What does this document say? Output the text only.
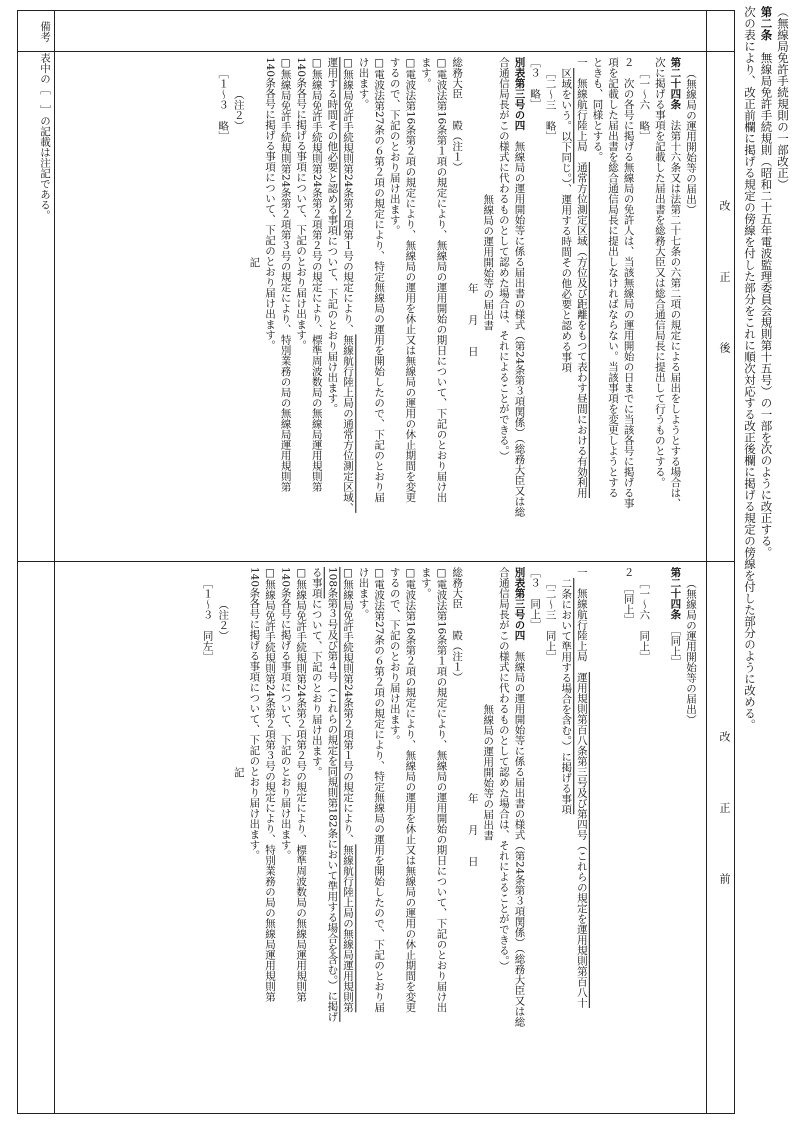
（無線局免許手続規則の一部改正）
第二条　無線局免許手続規則（昭和二十五年電波監理委員会規則第十五号）の一部を次のように改正する。
次の表により、改正前欄に掲げる規定の傍線を付した部分をこれに順次対応する改正後欄に掲げる規定の傍線を付した部分のように改める。
改正後
改正前
（無線局の運用開始等の届出）
第二十四条　法第十六条又は法第二十七条の六第二項の規定による届出をしようとする場合は、
次に掲げる事項を記載した届出書を総務大臣又は総合通信局長に提出して行うものとする。
［一～六　略］
２　次の各号に掲げる無線局の免許人は、当該無線局の運用開始の日までに当該各号に掲げる事
項を記載した届出書を総合通信局長に提出しなければならない。当該事項を変更しようとする
ときも、同様とする。
一　無線航行陸上局　通常方位測定区域（方位及び距離をもつて表わす昼間における有効利用
区域をいう。以下同じ。）、運用する時間その他必要と認める事項
［二～三　略］
［３　略］
別表第三号の四　無線局の運用開始等に係る届出書の様式（第24条第３項関係）（総務大臣又は総
合通信局長がこの様式に代わるものとして認めた場合は、それによることができる。）
無線局の運用開始等の届出書
年　　月　　日
総務大臣　　殿（注１）
□電波法第16条第１項の規定により、無線局の運用開始の期日について、下記のとおり届け出
ます。
□電波法第16条第２項の規定により、無線局の運用を休止又は無線局の運用の休止期間を変更
するので、下記のとおり届け出ます。
□電波法第27条の６第２項の規定により、特定無線局の運用を開始したので、下記のとおり届
け出ます。
□無線局免許手続規則第24条第２項第１号の規定により、無線航行陸上局の通常方位測定区域、
運用する時間その他必要と認める事項について、下記のとおり届け出ます。
□無線局免許手続規則第24条第２項第２号の規定により、標準周波数局の無線局運用規則第
140条各号に掲げる事項について、下記のとおり届け出ます。
□無線局免許手続規則第24条第２項第３号の規定により、特別業務の局の無線局運用規則第
140条各号に掲げる事項について、下記のとおり届け出ます。
記
（注２）
［１～３　略］
（無線局の運用開始等の届出）
第二十四条　［同上］

［一～六　同上］
２　［同上］

一　無線航行陸上局　運用規則第百八条第三号及び第四号（これらの規定を運用規則第百八十
二条において準用する場合を含む。）に掲げる事項
［二～三　同上］
［３　同上］
別表第三号の四　無線局の運用開始等に係る届出書の様式（第24条第３項関係）（総務大臣又は総
合通信局長がこの様式に代わるものとして認めた場合は、それによることができる。）
無線局の運用開始等の届出書
年　　月　　日
総務大臣　　殿（注１）
□電波法第16条第１項の規定により、無線局の運用開始の期日について、下記のとおり届け出
ます。
□電波法第16条第２項の規定により、無線局の運用を休止又は無線局の運用の休止期間を変更
するので、下記のとおり届け出ます。
□電波法第27条の６第２項の規定により、特定無線局の運用を開始したので、下記のとおり届
け出ます。
□無線局免許手続規則第24条第２項第１号の規定により、無線航行陸上局の無線局運用規則第
108条第３号及び第４号（これらの規定を同規則第182条において準用する場合を含む。）に掲げ
る事項について、下記のとおり届け出ます。
□無線局免許手続規則第24条第２項第２号の規定により、標準周波数局の無線局運用規則第
140条各号に掲げる事項について、下記のとおり届け出ます。
□無線局免許手続規則第24条第２項第３号の規定により、特別業務の局の無線局運用規則第
140条各号に掲げる事項について、下記のとおり届け出ます。
記
（注２）
［１～３　同左］
備考　表中の［　］の記載は注記である。
